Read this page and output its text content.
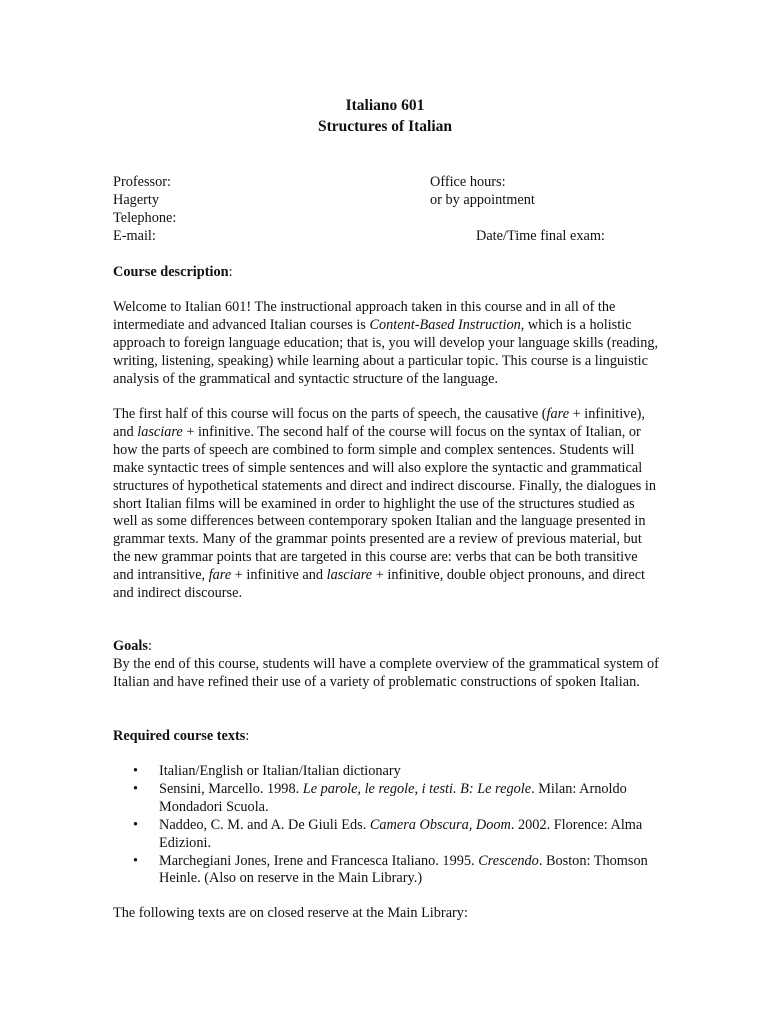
Italiano 601
Structures of Italian
Professor:
Hagerty
Telephone:
E-mail:
Office hours:
or by appointment
Date/Time final exam:
Course description:

Welcome to Italian 601! The instructional approach taken in this course and in all of the intermediate and advanced Italian courses is Content-Based Instruction, which is a holistic approach to foreign language education; that is, you will develop your language skills (reading, writing, listening, speaking) while learning about a particular topic. This course is a linguistic analysis of the grammatical and syntactic structure of the language.

The first half of this course will focus on the parts of speech, the causative (fare + infinitive), and lasciare + infinitive. The second half of the course will focus on the syntax of Italian, or how the parts of speech are combined to form simple and complex sentences. Students will make syntactic trees of simple sentences and will also explore the syntactic and grammatical structures of hypothetical statements and direct and indirect discourse. Finally, the dialogues in short Italian films will be examined in order to highlight the use of the structures studied as well as some differences between contemporary spoken Italian and the language presented in grammar texts. Many of the grammar points presented are a review of previous material, but the new grammar points that are targeted in this course are: verbs that can be both transitive and intransitive, fare + infinitive and lasciare + infinitive, double object pronouns, and direct and indirect discourse.

Goals:

By the end of this course, students will have a complete overview of the grammatical system of Italian and have refined their use of a variety of problematic constructions of spoken Italian.

Required course texts:
• Italian/English or Italian/Italian dictionary
• Sensini, Marcello. 1998. Le parole, le regole, i testi. B: Le regole. Milan: Arnoldo Mondadori Scuola.
• Naddeo, C. M. and A. De Giuli Eds. Camera Obscura, Doom. 2002. Florence: Alma Edizioni.
• Marchegiani Jones, Irene and Francesca Italiano. 1995. Crescendo. Boston: Thomson Heinle. (Also on reserve in the Main Library.)
The following texts are on closed reserve at the Main Library:
